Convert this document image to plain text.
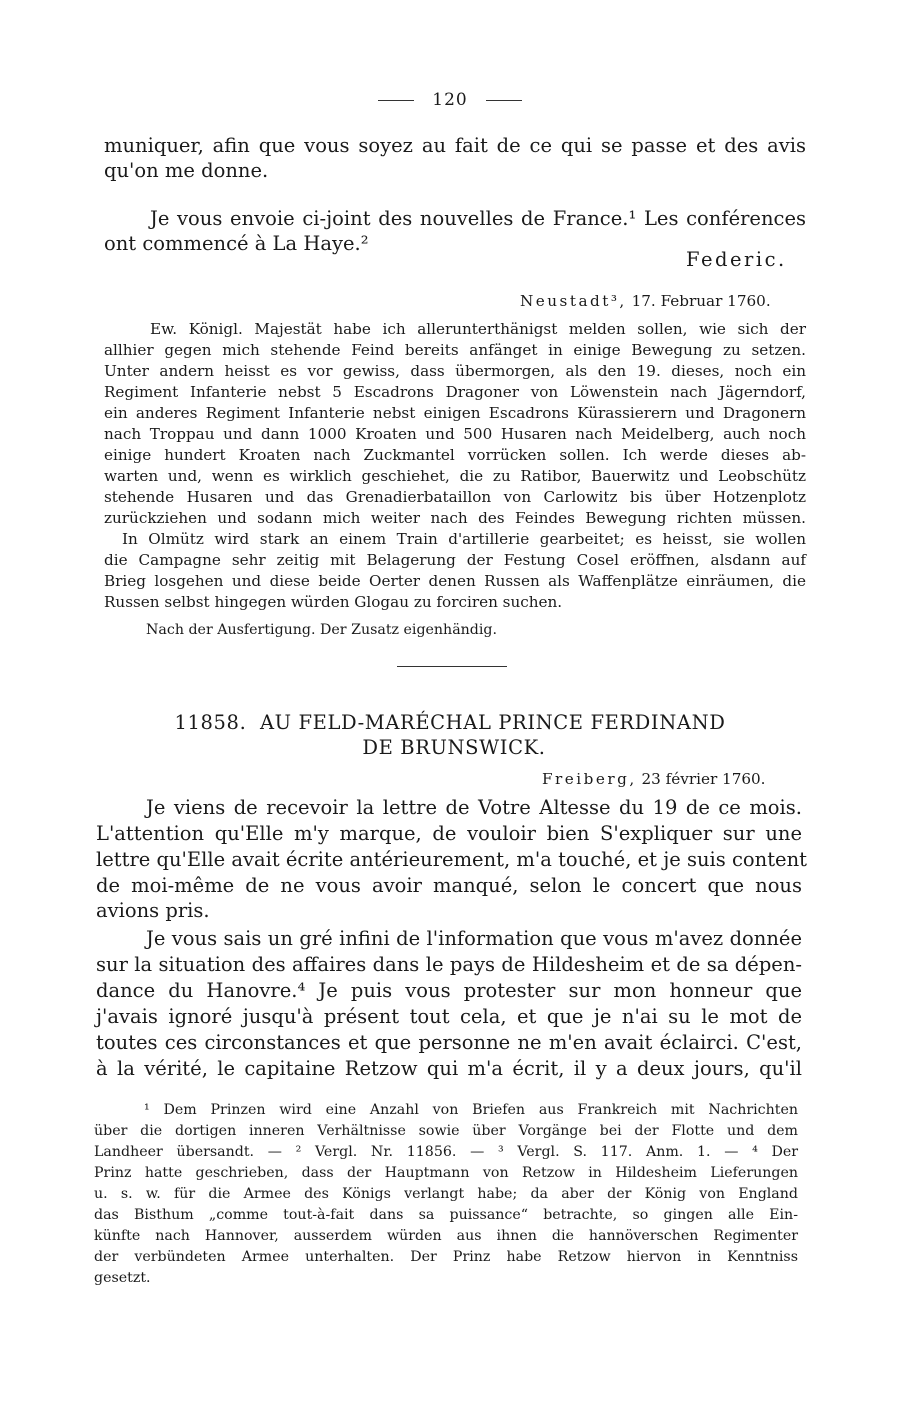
120
muniquer, afin que vous soyez au fait de ce qui se passe et des avis
qu'on me donne.
Je vous envoie ci-joint des nouvelles de France.¹ Les conférences
ont commencé à La Haye.²
Federic.
Neustadt³, 17. Februar 1760.
Ew. Königl. Majestät habe ich allerunterthänigst melden sollen, wie sich der
allhier gegen mich stehende Feind bereits anfänget in einige Bewegung zu setzen.
Unter andern heisst es vor gewiss, dass übermorgen, als den 19. dieses, noch ein
Regiment Infanterie nebst 5 Escadrons Dragoner von Löwenstein nach Jägerndorf,
ein anderes Regiment Infanterie nebst einigen Escadrons Kürassierern und Dragonern
nach Troppau und dann 1000 Kroaten und 500 Husaren nach Meidelberg, auch noch
einige hundert Kroaten nach Zuckmantel vorrücken sollen. Ich werde dieses ab-
warten und, wenn es wirklich geschiehet, die zu Ratibor, Bauerwitz und Leobschütz
stehende Husaren und das Grenadierbataillon von Carlowitz bis über Hotzenplotz
zurückziehen und sodann mich weiter nach des Feindes Bewegung richten müssen.
In Olmütz wird stark an einem Train d'artillerie gearbeitet; es heisst, sie wollen
die Campagne sehr zeitig mit Belagerung der Festung Cosel eröffnen, alsdann auf
Brieg losgehen und diese beide Oerter denen Russen als Waffenplätze einräumen, die
Russen selbst hingegen würden Glogau zu forciren suchen.
Nach der Ausfertigung. Der Zusatz eigenhändig.
11858. AU FELD-MARÉCHAL PRINCE FERDINAND
DE BRUNSWICK.
Freiberg, 23 février 1760.
Je viens de recevoir la lettre de Votre Altesse du 19 de ce mois.
L'attention qu'Elle m'y marque, de vouloir bien S'expliquer sur une
lettre qu'Elle avait écrite antérieurement, m'a touché, et je suis content
de moi-même de ne vous avoir manqué, selon le concert que nous
avions pris.
Je vous sais un gré infini de l'information que vous m'avez donnée
sur la situation des affaires dans le pays de Hildesheim et de sa dépen-
dance du Hanovre.⁴ Je puis vous protester sur mon honneur que
j'avais ignoré jusqu'à présent tout cela, et que je n'ai su le mot de
toutes ces circonstances et que personne ne m'en avait éclairci. C'est,
à la vérité, le capitaine Retzow qui m'a écrit, il y a deux jours, qu'il
¹ Dem Prinzen wird eine Anzahl von Briefen aus Frankreich mit Nachrichten
über die dortigen inneren Verhältnisse sowie über Vorgänge bei der Flotte und dem
Landheer übersandt. — ² Vergl. Nr. 11856. — ³ Vergl. S. 117. Anm. 1. — ⁴ Der
Prinz hatte geschrieben, dass der Hauptmann von Retzow in Hildesheim Lieferungen
u. s. w. für die Armee des Königs verlangt habe; da aber der König von England
das Bisthum „comme tout-à-fait dans sa puissance“ betrachte, so gingen alle Ein-
künfte nach Hannover, ausserdem würden aus ihnen die hannöverschen Regimenter
der verbündeten Armee unterhalten. Der Prinz habe Retzow hiervon in Kenntniss
gesetzt.
